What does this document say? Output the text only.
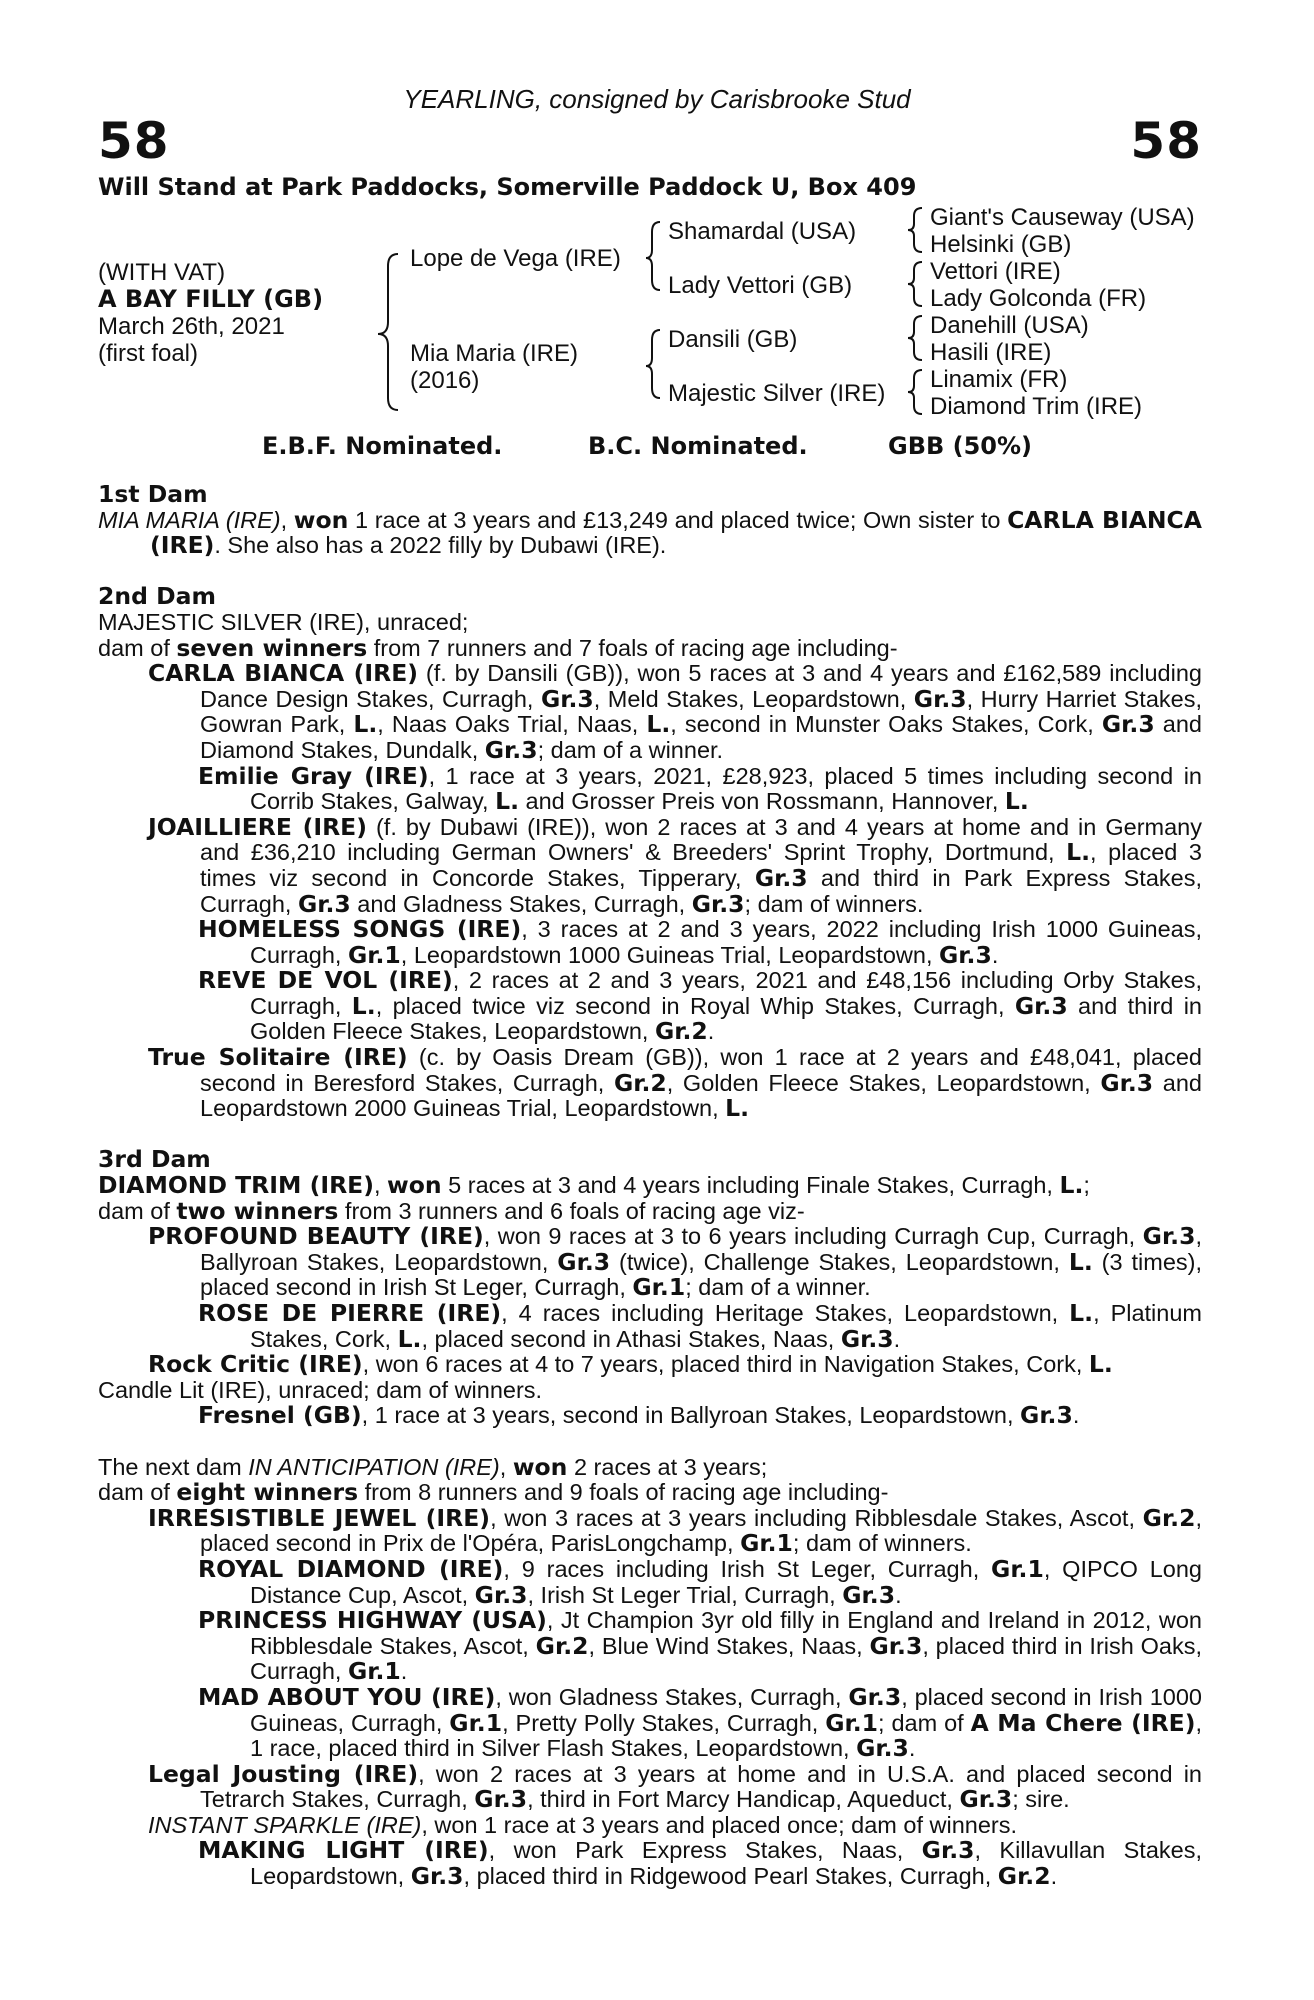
58	58
YEARLING, consigned by Carisbrooke Stud
Will Stand at Park Paddocks, Somerville Paddock U, Box 409
(WITH VAT)
A BAY FILLY (GB)
March 26th, 2021
(first foal)
Lope de Vega (IRE)
Mia Maria (IRE)
(2016)
Shamardal (USA)
Lady Vettori (GB)
Dansili (GB)
Majestic Silver (IRE)
Giant's Causeway (USA)
Helsinki (GB)
Vettori (IRE)
Lady Golconda (FR)
Danehill (USA)
Hasili (IRE)
Linamix (FR)
Diamond Trim (IRE)
E.B.F. Nominated.	B.C. Nominated.	GBB (50%)

1st Dam

MIA MARIA (IRE), won 1 race at 3 years and £13,249 and placed twice; Own sister to CARLA BIANCA (IRE). She also has a 2022 filly by Dubawi (IRE).

2nd Dam

MAJESTIC SILVER (IRE), unraced;

dam of seven winners from 7 runners and 7 foals of racing age including-

CARLA BIANCA (IRE) (f. by Dansili (GB)), won 5 races at 3 and 4 years and £162,589 including Dance Design Stakes, Curragh, Gr.3, Meld Stakes, Leopardstown, Gr.3, Hurry Harriet Stakes, Gowran Park, L., Naas Oaks Trial, Naas, L., second in Munster Oaks Stakes, Cork, Gr.3 and Diamond Stakes, Dundalk, Gr.3; dam of a winner.

Emilie Gray (IRE), 1 race at 3 years, 2021, £28,923, placed 5 times including second in Corrib Stakes, Galway, L. and Grosser Preis von Rossmann, Hannover, L.

JOAILLIERE (IRE) (f. by Dubawi (IRE)), won 2 races at 3 and 4 years at home and in Germany and £36,210 including German Owners' & Breeders' Sprint Trophy, Dortmund, L., placed 3 times viz second in Concorde Stakes, Tipperary, Gr.3 and third in Park Express Stakes, Curragh, Gr.3 and Gladness Stakes, Curragh, Gr.3; dam of winners.

HOMELESS SONGS (IRE), 3 races at 2 and 3 years, 2022 including Irish 1000 Guineas, Curragh, Gr.1, Leopardstown 1000 Guineas Trial, Leopardstown, Gr.3.

REVE DE VOL (IRE), 2 races at 2 and 3 years, 2021 and £48,156 including Orby Stakes, Curragh, L., placed twice viz second in Royal Whip Stakes, Curragh, Gr.3 and third in Golden Fleece Stakes, Leopardstown, Gr.2.

True Solitaire (IRE) (c. by Oasis Dream (GB)), won 1 race at 2 years and £48,041, placed second in Beresford Stakes, Curragh, Gr.2, Golden Fleece Stakes, Leopardstown, Gr.3 and Leopardstown 2000 Guineas Trial, Leopardstown, L.

3rd Dam

DIAMOND TRIM (IRE), won 5 races at 3 and 4 years including Finale Stakes, Curragh, L.;

dam of two winners from 3 runners and 6 foals of racing age viz-

PROFOUND BEAUTY (IRE), won 9 races at 3 to 6 years including Curragh Cup, Curragh, Gr.3, Ballyroan Stakes, Leopardstown, Gr.3 (twice), Challenge Stakes, Leopardstown, L. (3 times), placed second in Irish St Leger, Curragh, Gr.1; dam of a winner.

ROSE DE PIERRE (IRE), 4 races including Heritage Stakes, Leopardstown, L., Platinum Stakes, Cork, L., placed second in Athasi Stakes, Naas, Gr.3.

Rock Critic (IRE), won 6 races at 4 to 7 years, placed third in Navigation Stakes, Cork, L.

Candle Lit (IRE), unraced; dam of winners.

Fresnel (GB), 1 race at 3 years, second in Ballyroan Stakes, Leopardstown, Gr.3.

The next dam IN ANTICIPATION (IRE), won 2 races at 3 years;

dam of eight winners from 8 runners and 9 foals of racing age including-

IRRESISTIBLE JEWEL (IRE), won 3 races at 3 years including Ribblesdale Stakes, Ascot, Gr.2, placed second in Prix de l'Opéra, ParisLongchamp, Gr.1; dam of winners.

ROYAL DIAMOND (IRE), 9 races including Irish St Leger, Curragh, Gr.1, QIPCO Long Distance Cup, Ascot, Gr.3, Irish St Leger Trial, Curragh, Gr.3.

PRINCESS HIGHWAY (USA), Jt Champion 3yr old filly in England and Ireland in 2012, won Ribblesdale Stakes, Ascot, Gr.2, Blue Wind Stakes, Naas, Gr.3, placed third in Irish Oaks, Curragh, Gr.1.

MAD ABOUT YOU (IRE), won Gladness Stakes, Curragh, Gr.3, placed second in Irish 1000 Guineas, Curragh, Gr.1, Pretty Polly Stakes, Curragh, Gr.1; dam of A Ma Chere (IRE), 1 race, placed third in Silver Flash Stakes, Leopardstown, Gr.3.

Legal Jousting (IRE), won 2 races at 3 years at home and in U.S.A. and placed second in Tetrarch Stakes, Curragh, Gr.3, third in Fort Marcy Handicap, Aqueduct, Gr.3; sire.

INSTANT SPARKLE (IRE), won 1 race at 3 years and placed once; dam of winners.

MAKING LIGHT (IRE), won Park Express Stakes, Naas, Gr.3, Killavullan Stakes, Leopardstown, Gr.3, placed third in Ridgewood Pearl Stakes, Curragh, Gr.2.
